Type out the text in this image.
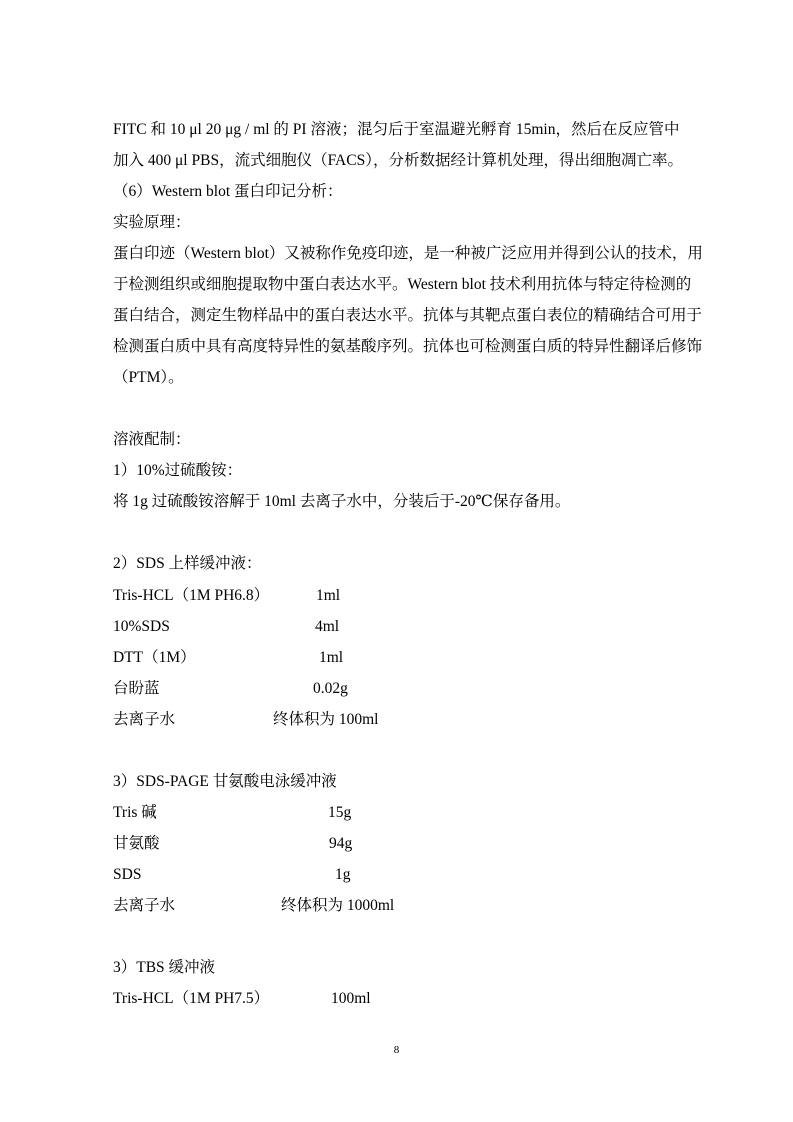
FITC 和 10 μl 20 μg / ml 的 PI 溶液；混匀后于室温避光孵育 15min，然后在反应管中
加入 400 μl PBS，流式细胞仪（FACS），分析数据经计算机处理，得出细胞凋亡率。
（6）Western blot 蛋白印记分析：
实验原理：
蛋白印迹（Western blot）又被称作免疫印迹，是一种被广泛应用并得到公认的技术，用
于检测组织或细胞提取物中蛋白表达水平。Western blot 技术利用抗体与特定待检测的
蛋白结合，测定生物样品中的蛋白表达水平。抗体与其靶点蛋白表位的精确结合可用于
检测蛋白质中具有高度特异性的氨基酸序列。抗体也可检测蛋白质的特异性翻译后修饰
（PTM）。
溶液配制：
1）10%过硫酸铵：
将 1g 过硫酸铵溶解于 10ml 去离子水中，分装后于-20℃保存备用。
2）SDS 上样缓冲液：
Tris-HCL（1M PH6.8）	1ml
10%SDS	4ml
DTT（1M）	1ml
台盼蓝	0.02g
去离子水	终体积为 100ml
3）SDS-PAGE 甘氨酸电泳缓冲液
Tris 碱	15g
甘氨酸	94g
SDS	1g
去离子水	终体积为 1000ml
3）TBS 缓冲液
Tris-HCL（1M PH7.5）	100ml
8
